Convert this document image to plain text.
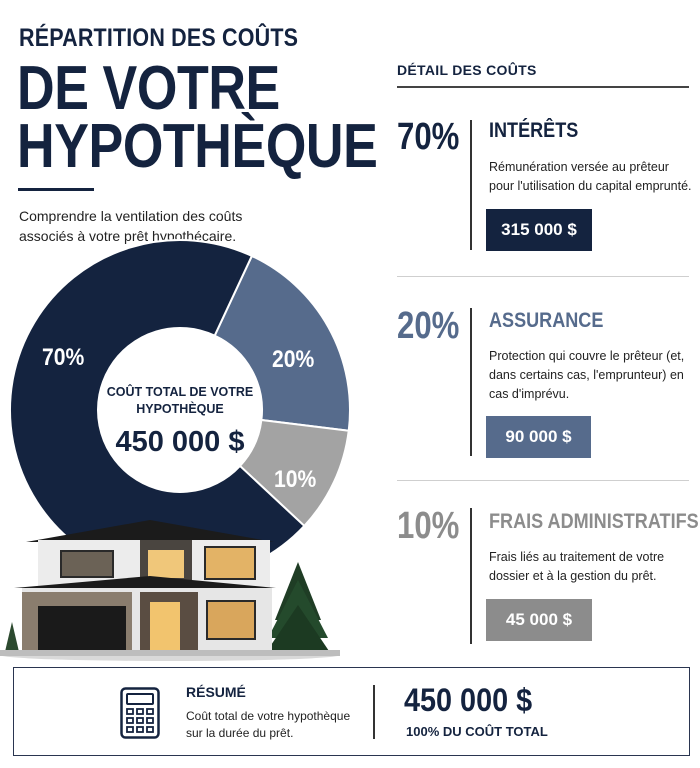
RÉPARTITION DES COÛTS
DE VOTRE
HYPOTHÈQUE
Comprendre la ventilation des coûts associés à votre prêt hypothécaire.
COÛT TOTAL DE VOTRE HYPOTHÈQUE
450 000 $
70%	20%
10%
DÉTAIL DES COÛTS
70% INTÉRÊTS
Rémunération versée au prêteur pour l'utilisation du capital emprunté.
315 000 $
20% ASSURANCE
Protection qui couvre le prêteur (et, dans certains cas, l'emprunteur) en cas d'imprévu.
90 000 $
10% FRAIS ADMINISTRATIFS
Frais liés au traitement de votre dossier et à la gestion du prêt.
45 000 $
RÉSUMÉ
Coût total de votre hypothèque sur la durée du prêt.
450 000 $
100% DU COÛT TOTAL
